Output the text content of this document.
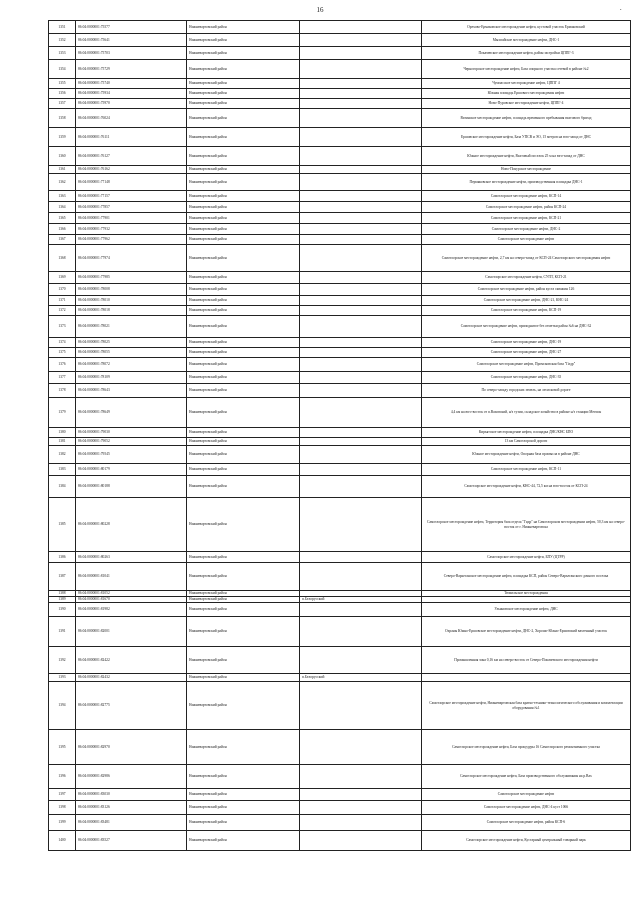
16	·
1351	86:04:0000001:75577	Нижневартовский район		Орехово-Ермаковское месторождение нефти, кустовой участок Ермаковский
1352	86:04:0000001:75641	Нижневартовский район		Мыхпайское месторождение нефти, ДНС-1
1353	86:04:0000001:75703	Нижневартовский район		Покачевское месторождение нефти, район застройки ЦППГ-3
1354	86:04:0000001:75729	Нижневартовский район		Черногорское месторождение нефти, База опорного участка сетевой в районе №2
1355	86:04:0000001:75740	Нижневартовский район		Чумпасское месторождение нефти, ЦППГ 4
1356	86:04:0000001:75934	Нижневартовский район		Южная площадь Ершового месторождения нефти
1357	86:04:0000001:75970	Нижневартовский район		Ново-Пуровское месторождение нефти, ЦППГ-4
1358	86:04:0000001:76024	Нижневартовский район		Ватинское месторождение нефти, площадь временного пребывания вахтового бригад
1359	86:04:0000001:76111	Нижневартовский район		Ершовское месторождение нефти, База УПСВ и ЭО, 15 метров на юго-запад от ДНС
1360	86:04:0000001:76127	Нижневартовский район		Южное месторождение нефти, Вахтовый поселок 25 м на юго-запад от ДНС
1361	86:04:0000001:76162	Нижневартовский район		Ново-Покурское месторождение
1362	86:04:0000001:77148	Нижневартовский район		Пермяковское месторождение нефти, производственная площадка ДНС-1
1363	86:04:0000001:77157	Нижневартовский район		Самотлорское месторождение нефти, КСП-14
1364	86:04:0000001:77857	Нижневартовский район		Самотлорское месторождение нефти, район КСП-24
1365	86:04:0000001:77901	Нижневартовский район		Самотлорское месторождение нефти, КСП-21
1366	86:04:0000001:77932	Нижневартовский район		Самотлорское месторождение нефти, ДНС-2
1367	86:04:0000001:77962	Нижневартовский район		Самотлорское месторождение нефти
1368	86:04:0000001:77974	Нижневартовский район		Самотлорское месторождение нефти, 2,7 км на северо-запад от КСП-24 Самотлорского месторождения нефти
1369	86:04:0000001:77985	Нижневартовский район		Самотлорское месторождение нефти, СУПТ, КСП-21
1370	86:04:0000001:78008	Нижневартовский район		Самотлорское месторождение нефти, район куста скважин 126
1371	86:04:0000001:78010	Нижневартовский район		Самотлорское месторождение нефти, ДНС-21, КНС-24
1372	86:04:0000001:78018	Нижневартовский район		Самотлорское месторождение нефти, КСП-19
1373	86:04:0000001:78021	Нижневартовский район		Самотлорское месторождение нефти, приподнятое без отметки район №6 на ДНС-32
1374	86:04:0000001:78025	Нижневартовский район		Самотлорское месторождение нефти, ДНС-19
1375	86:04:0000001:78055	Нижневартовский район		Самотлорское месторождение нефти, ДНС-27
1376	86:04:0000001:78072	Нижневартовский район		Самотлорское месторождение нефти, Промсковская база "Гидр"
1377	86:04:0000001:78109	Нижневартовский район		Самотлорское месторождение нефти, ДНС-35
1378	86:04:0000001:78643	Нижневартовский район		По северо-западу городских земель, на лесисковой дороге
1379	86:04:0000001:78649	Нижневартовский район		4,4 км на юго-восток от п.Ваховский, н/з тузии, складское хозяйство в районе н/з станции Мегион
1380	86:04:0000001:79030	Нижневартовский район		Кирьятское месторождение нефти, площадка ДНС/КНС БПО
1381	86:04:0000001:79052	Нижневартовский район		13 км Самотлорской дороги
1382	86:04:0000001:79545	Нижневартовский район		Южное месторождение нефти, Опорная база промысла в районе ДНС
1383	86:04:0000001:80179	Нижневартовский район		Самотлорское месторождение нефти, КСП-11
1384	86:04:0000001:80188	Нижневартовский район		Самотлорское месторождение нефти, КНС-44, 72,5 км на юго-восток от КСП-24
1385	86:04:0000001:80228	Нижневартовский район		Самотлорское месторождение нефти, Территория база отдела "Гидр" на Самотлорском месторождении нефти, 50,3 км на северо-восток от г. Нижневартовска
1386	86:04:0000001:80263	Нижневартовский район		Самотлорское месторождение нефти, БПУ (ЦТРР)
1387	86:04:0000001:81041	Нижневартовский район		Северо-Варьеганское месторождение нефти, площадка КСП, район Северо-Варьеганского дачного поселка
1388	86:04:0000001:81052	Нижневартовский район		Тюмильское месторождения
1389	86:04:0000001:81670	Нижневартовский район	п.Белорусский	
1390	86:04:0000001:81982	Нижневартовский район		Ульяновское месторождение нефти, ДНС
1391	86:04:0000001:82001	Нижневартовский район		Охраны Южно-Ершовское месторождение нефти, ДНС-2, Хорошо-Южно-Ершовский вахтенный участок
1392	86:04:0000001:82422	Нижневартовский район		Промышленная зона 0,16 км на северо-восток от Северо-Покачевского месторождения нефти
1393	86:04:0000001:82432	Нижневартовский район	п.Белорусский	
1394	86:04:0000001:82775	Нижневартовский район		Самотлорское месторождение нефти, Нижневартовская база кратко-технико-технологического обслуживания и комплектации оборудования №1
1395	86:04:0000001:82970	Нижневартовский район		Самотлорское месторождение нефти, База процедуры 16 Самотлорского ремонтненного участка
1396	86:04:0000001:82986	Нижневартовский район		Самотлорское месторождение нефти, База производственного обслуживания на р.Вах
1397	86:04:0000001:83030	Нижневартовский район		Самотлорское месторождение нефти
1398	86:04:0000001:83126	Нижневартовский район		Самотлорское месторождение нефти, ДНС-4 куст 1066
1399	86:04:0000001:83481	Нижневартовский район		Самотлорское месторождение нефти, район КСП-6
1400	86:04:0000001:83527	Нижневартовский район		Самотлорское месторождение нефти, Кустарный центральный товарный парк
